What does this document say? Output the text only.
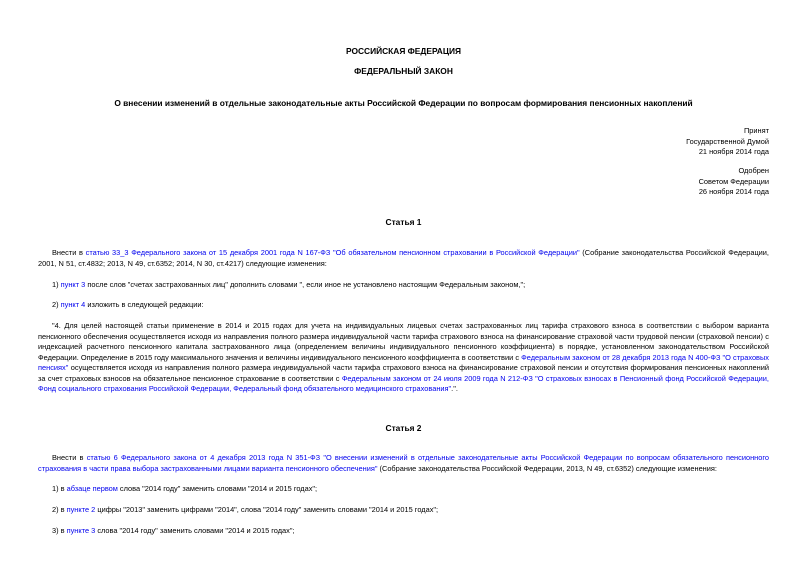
РОССИЙСКАЯ ФЕДЕРАЦИЯ
ФЕДЕРАЛЬНЫЙ ЗАКОН
О внесении изменений в отдельные законодательные акты Российской Федерации по вопросам формирования пенсионных накоплений
Принят
Государственной Думой
21 ноября 2014 года
Одобрен
Советом Федерации
26 ноября 2014 года
Статья 1

Внести в статью 33_3 Федерального закона от 15 декабря 2001 года N 167-ФЗ "Об обязательном пенсионном страховании в Российской Федерации" (Собрание законодательства Российской Федерации, 2001, N 51, ст.4832; 2013, N 49, ст.6352; 2014, N 30, ст.4217) следующие изменения:

1) пункт 3 после слов "счетах застрахованных лиц" дополнить словами ", если иное не установлено настоящим Федеральным законом,";

2) пункт 4 изложить в следующей редакции:

"4. Для целей настоящей статьи применение в 2014 и 2015 годах для учета на индивидуальных лицевых счетах застрахованных лиц тарифа страхового взноса в соответствии с выбором варианта пенсионного обеспечения осуществляется исходя из направления полного размера индивидуальной части тарифа страхового взноса на финансирование страховой части трудовой пенсии (страховой пенсии) с индексацией расчетного пенсионного капитала застрахованного лица (определением величины индивидуального пенсионного коэффициента) в порядке, установленном законодательством Российской Федерации. Определение в 2015 году максимального значения и величины индивидуального пенсионного коэффициента в соответствии с Федеральным законом от 28 декабря 2013 года N 400-ФЗ "О страховых пенсиях" осуществляется исходя из направления полного размера индивидуальной части тарифа страхового взноса на финансирование страховой пенсии и отсутствия формирования пенсионных накоплений за счет страховых взносов на обязательное пенсионное страхование в соответствии с Федеральным законом от 24 июля 2009 года N 212-ФЗ "О страховых взносах в Пенсионный фонд Российской Федерации, Фонд социального страхования Российской Федерации, Федеральный фонд обязательного медицинского страхования".".

Статья 2

Внести в статью 6 Федерального закона от 4 декабря 2013 года N 351-ФЗ "О внесении изменений в отдельные законодательные акты Российской Федерации по вопросам обязательного пенсионного страхования в части права выбора застрахованными лицами варианта пенсионного обеспечения" (Собрание законодательства Российской Федерации, 2013, N 49, ст.6352) следующие изменения:

1) в абзаце первом слова "2014 году" заменить словами "2014 и 2015 годах";

2) в пункте 2 цифры "2013" заменить цифрами "2014", слова "2014 году" заменить словами "2014 и 2015 годах";

3) в пункте 3 слова "2014 году" заменить словами "2014 и 2015 годах";
